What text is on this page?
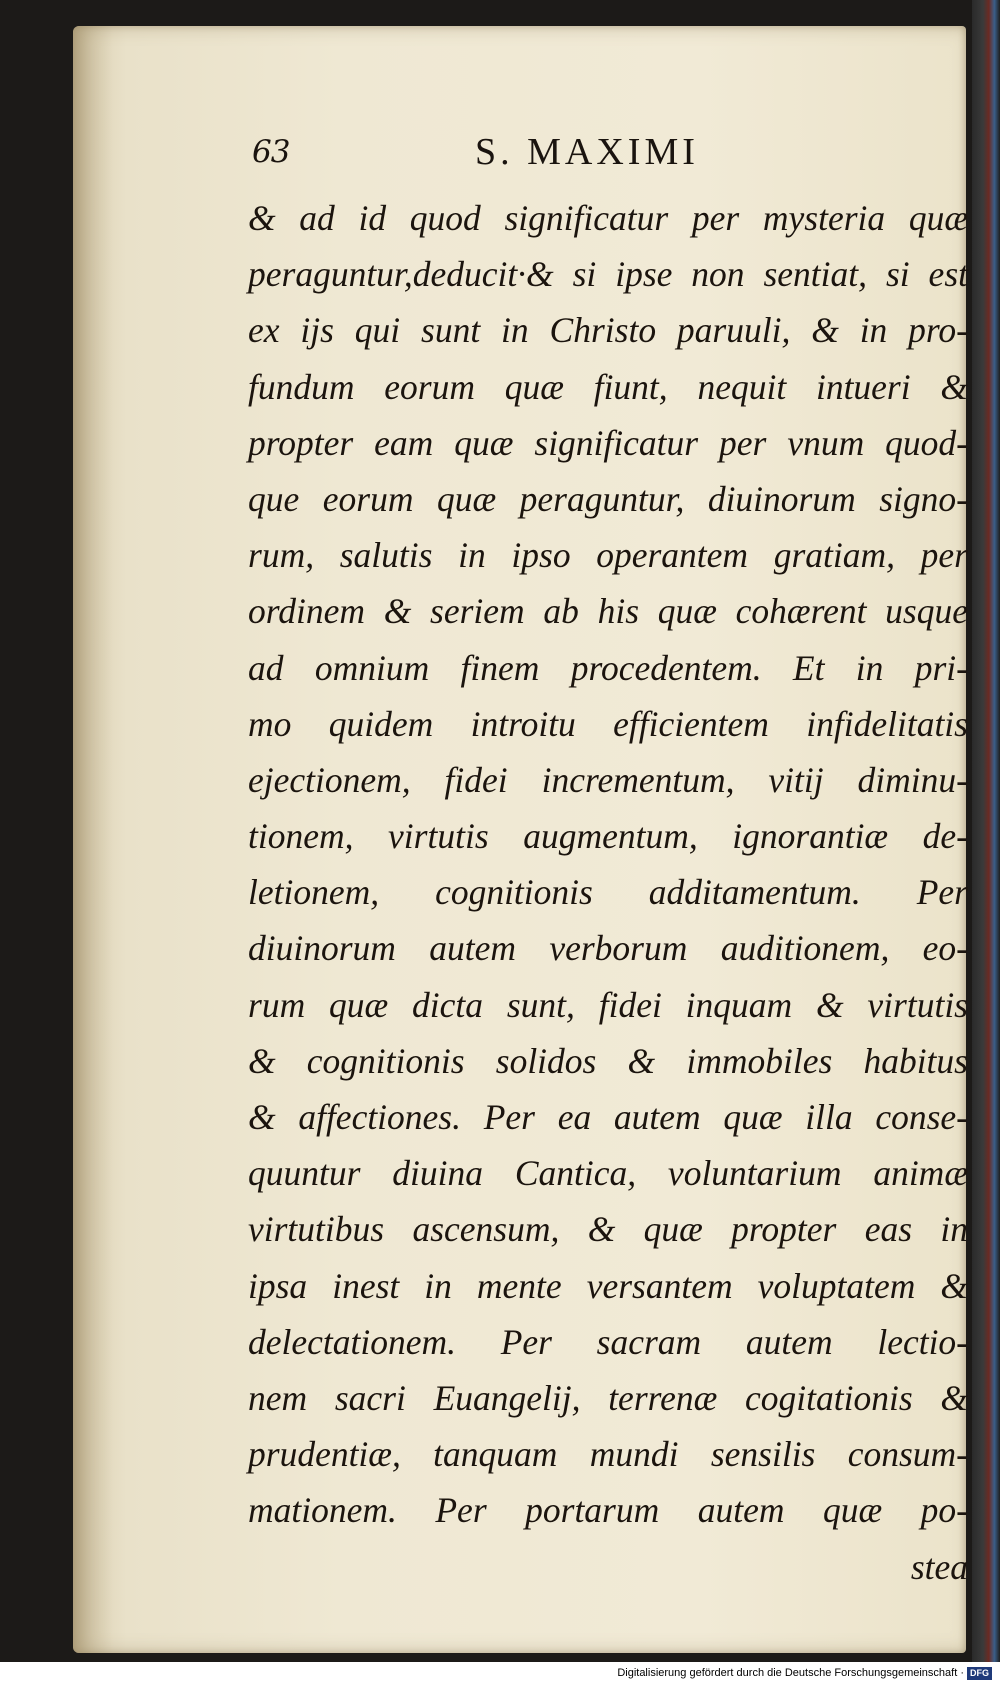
63	S. MAXIMI
& ad id quod significatur per mysteria quæ
peraguntur,deducit·& si ipse non sentiat, si est
ex ijs qui sunt in Christo paruuli, & in pro-
fundum eorum quæ fiunt, nequit intueri &
propter eam quæ significatur per vnum quod-
que eorum quæ peraguntur, diuinorum signo-
rum, salutis in ipso operantem gratiam, per
ordinem & seriem ab his quæ cohærent usque
ad omnium finem procedentem. Et in pri-
mo quidem introitu efficientem infidelitatis
ejectionem, fidei incrementum, vitij diminu-
tionem, virtutis augmentum, ignorantiæ de-
letionem, cognitionis additamentum. Per
diuinorum autem verborum auditionem, eo-
rum quæ dicta sunt, fidei inquam & virtutis
& cognitionis solidos & immobiles habitus
& affectiones. Per ea autem quæ illa conse-
quuntur diuina Cantica, voluntarium animæ
virtutibus ascensum, & quæ propter eas in
ipsa inest in mente versantem voluptatem &
delectationem. Per sacram autem lectio-
nem sacri Euangelij, terrenæ cogitationis &
prudentiæ, tanquam mundi sensilis consum-
mationem. Per portarum autem quæ po-
stea
Digitalisierung gefördert durch die Deutsche Forschungsgemeinschaft · DFG
